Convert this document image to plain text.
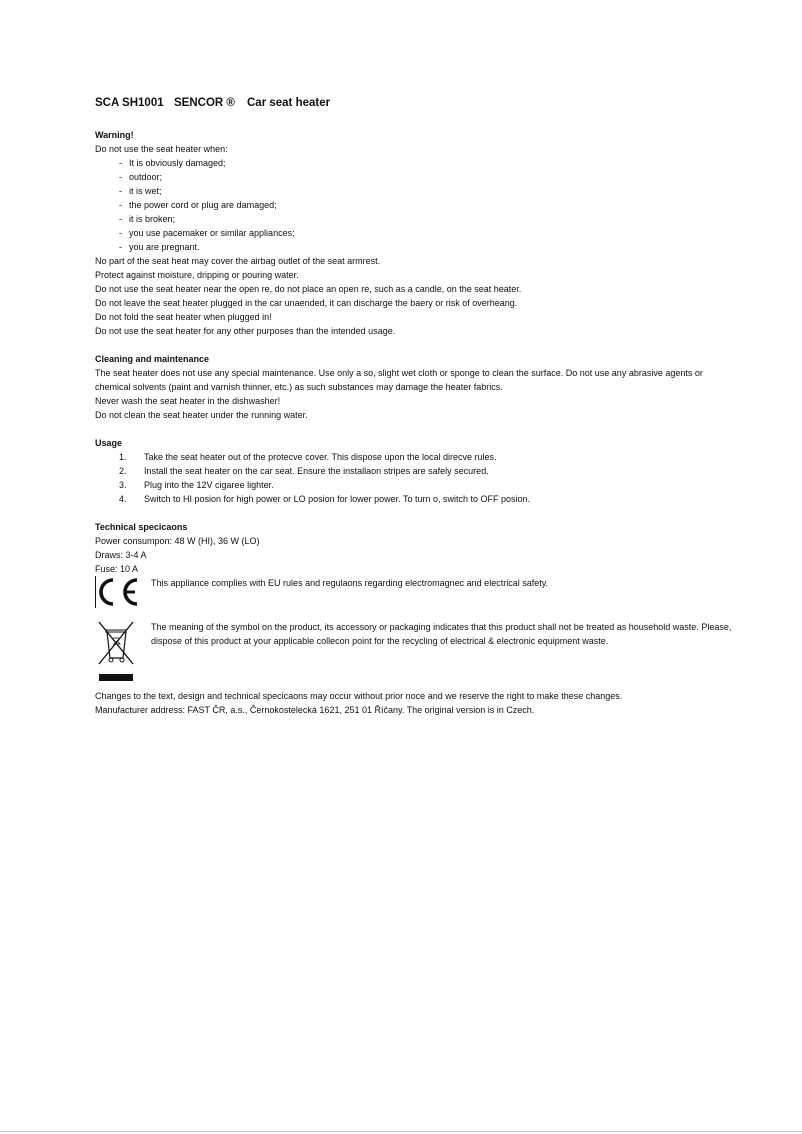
SCA SH1001 SENCOR ® Car seat heater

Warning!

Do not use the seat heater when:

- It is obviously damaged;
- outdoor;
- it is wet;
- the power cord or plug are damaged;
- it is broken;
- you use pacemaker or similar appliances;
- you are pregnant.

No part of the seat heat may cover the airbag outlet of the seat armrest.

Protect against moisture, dripping or pouring water.

Do not use the seat heater near the open re, do not place an open re, such as a candle, on the seat heater.

Do not leave the seat heater plugged in the car unaended, it can discharge the baery or risk of overheang.

Do not fold the seat heater when plugged in!

Do not use the seat heater for any other purposes than the intended usage.

Cleaning and maintenance

The seat heater does not use any special maintenance. Use only a so, slight wet cloth or sponge to clean the surface. Do not use any abrasive agents or chemical solvents (paint and varnish thinner, etc.) as such substances may damage the heater fabrics.

Never wash the seat heater in the dishwasher!

Do not clean the seat heater under the running water.

Usage

1.	Take the seat heater out of the protecve cover. This dispose upon the local direcve rules.
2.	Install the seat heater on the car seat. Ensure the installaon stripes are safely secured.
3.	Plug into the 12V cigaree lighter.
4.	Switch to HI posion for high power or LO posion for lower power. To turn o, switch to OFF posion.

Technical specicaons

Power consumpon: 48 W (HI), 36 W (LO)

Draws: 3-4 A

Fuse: 10 A

This appliance complies with EU rules and regulaons regarding electromagnec and electrical safety.
The meaning of the symbol on the product, its accessory or packaging indicates that this product shall not be treated as household waste. Please, dispose of this product at your applicable collecon point for the recycling of electrical & electronic equipment waste.

Changes to the text, design and technical specicaons may occur without prior noce and we reserve the right to make these changes.

Manufacturer address: FAST ČR, a.s., Černokostelecká 1621, 251 01 Říčany. The original version is in Czech.
